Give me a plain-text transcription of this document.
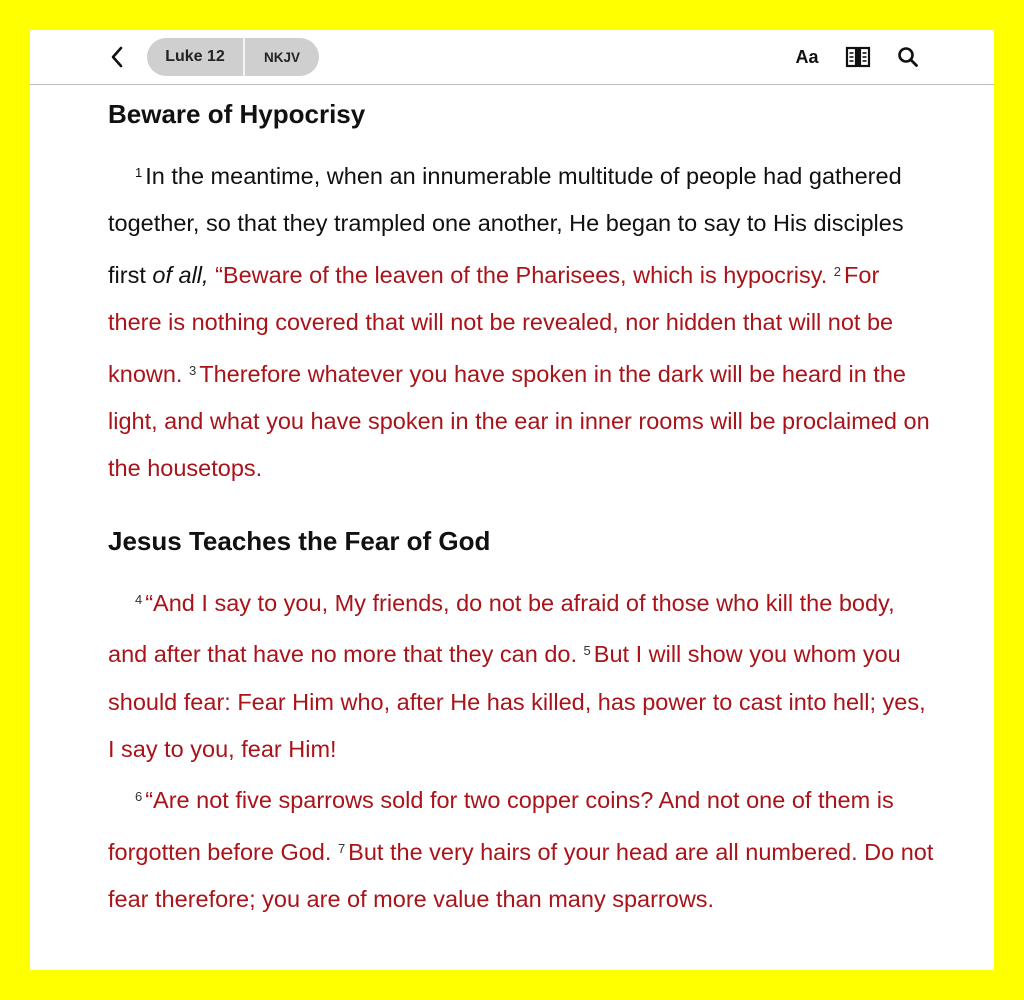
Luke 12	NKJV	Aa
Beware of Hypocrisy

$^1$ In the meantime, when an innumerable multitude of people had gathered together, so that they trampled one another, He began to say to His disciples first of all, “Beware of the leaven of the Pharisees, which is hypocrisy. $^2$ For there is nothing covered that will not be revealed, nor hidden that will not be known. $^3$ Therefore whatever you have spoken in the dark will be heard in the light, and what you have spoken in the ear in inner rooms will be proclaimed on the housetops.

Jesus Teaches the Fear of God

$^4$ “And I say to you, My friends, do not be afraid of those who kill the body, and after that have no more that they can do. $^5$ But I will show you whom you should fear: Fear Him who, after He has killed, has power to cast into hell; yes, I say to you, fear Him!

$^6$ “Are not five sparrows sold for two copper coins? And not one of them is forgotten before God. $^7$ But the very hairs of your head are all numbered. Do not fear therefore; you are of more value than many sparrows.
